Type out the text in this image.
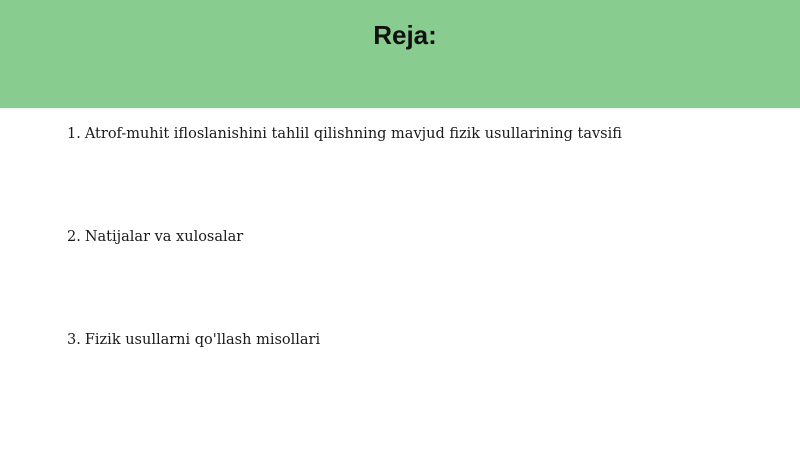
Reja:
1. Atrof-muhit ifloslanishini tahlil qilishning mavjud fizik usullarining tavsifi
2. Natijalar va xulosalar
3. Fizik usullarni qo'llash misollari
